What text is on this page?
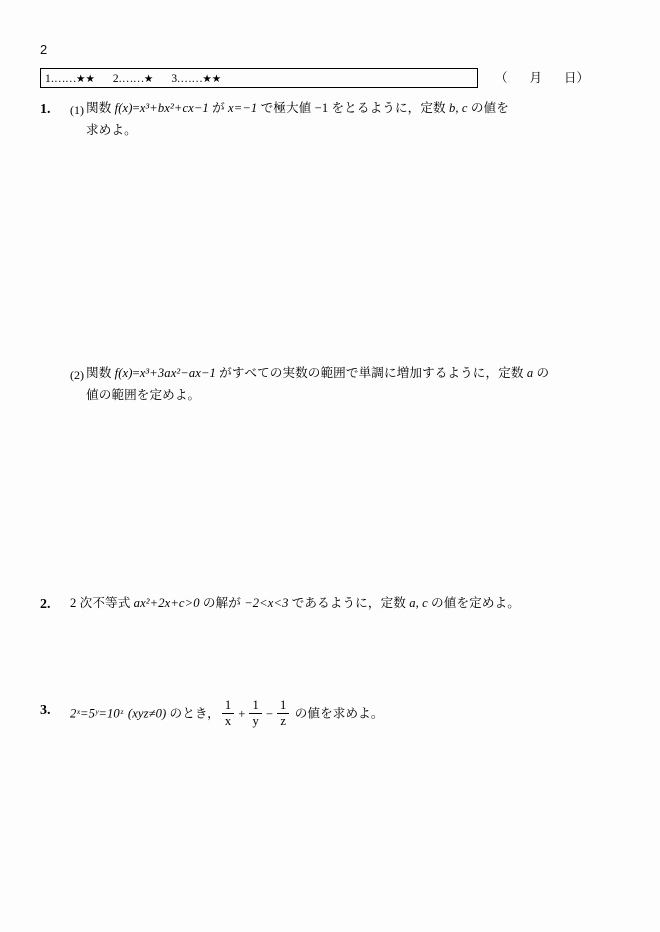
2
1.……★★ 2.……★ 3.……★★	（ 月 日）
1. (1) 関数 f(x)=x³+bx²+cx−1 が x=−1 で極大値 −1 をとるように，定数 b, c の値を
求めよ。
(2) 関数 f(x)=x³+3ax²−ax−1 がすべての実数の範囲で単調に増加するように，定数 a の
値の範囲を定めよ。
2. 2 次不等式 ax²+2x+c>0 の解が −2<x<3 であるように，定数 a, c の値を定めよ。
3. 2ˣ=5ʸ=10ᶻ (xyz≠0) のとき， $\frac{1}{x} + \frac{1}{y} - \frac{1}{z}$ の値を求めよ。
